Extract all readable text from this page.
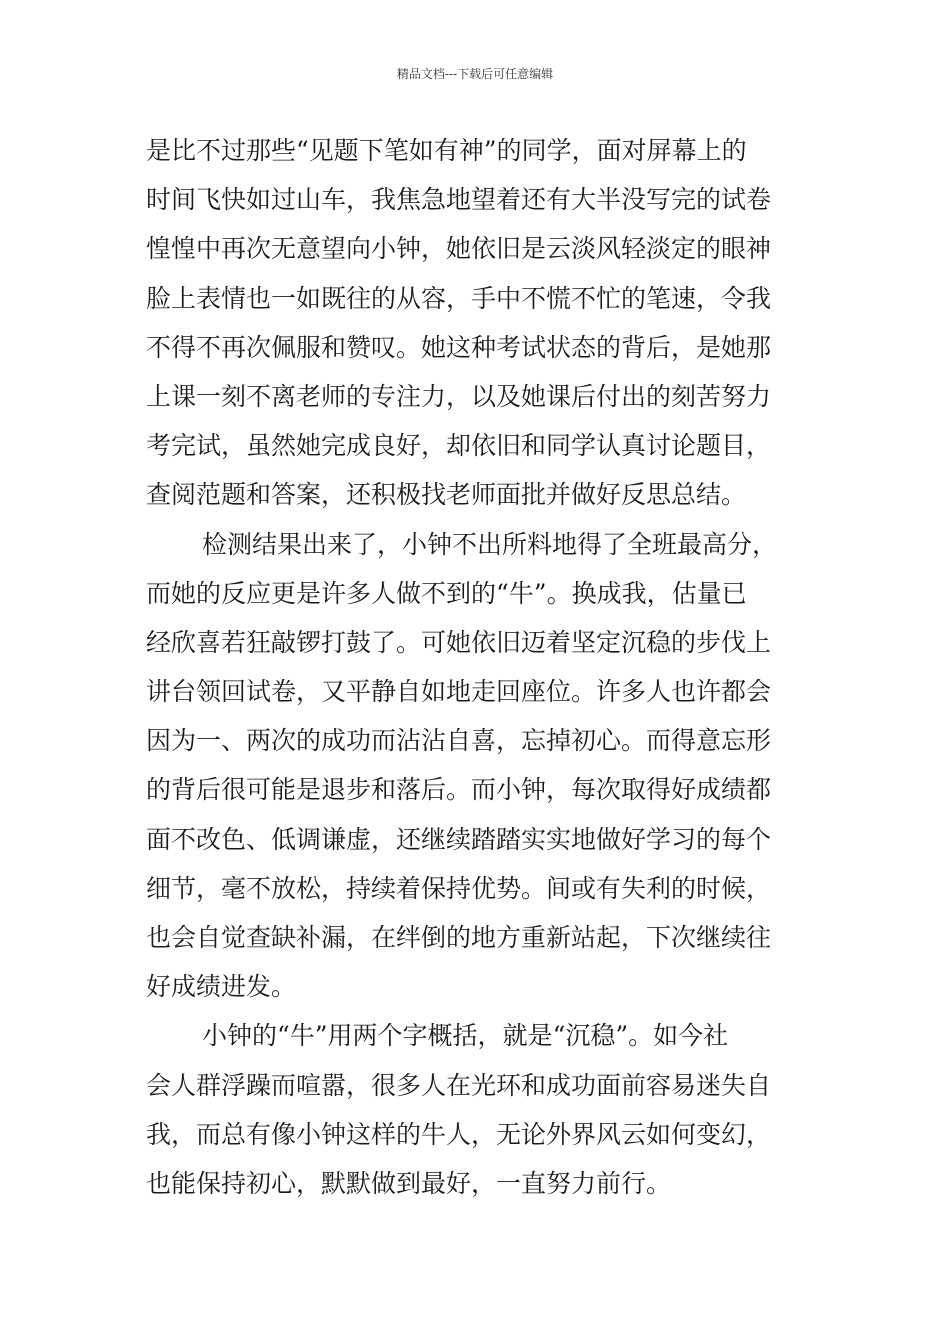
精品文档---下载后可任意编辑
是比不过那些“见题下笔如有神”的同学，面对屏幕上的
时间飞快如过山车，我焦急地望着还有大半没写完的试卷
惶惶中再次无意望向小钟，她依旧是云淡风轻淡定的眼神
脸上表情也一如既往的从容，手中不慌不忙的笔速，令我
不得不再次佩服和赞叹。她这种考试状态的背后，是她那
上课一刻不离老师的专注力，以及她课后付出的刻苦努力
考完试，虽然她完成良好，却依旧和同学认真讨论题目，
查阅范题和答案，还积极找老师面批并做好反思总结。
检测结果出来了，小钟不出所料地得了全班最高分，
而她的反应更是许多人做不到的“牛”。换成我，估量已
经欣喜若狂敲锣打鼓了。可她依旧迈着坚定沉稳的步伐上
讲台领回试卷，又平静自如地走回座位。许多人也许都会
因为一、两次的成功而沾沾自喜，忘掉初心。而得意忘形
的背后很可能是退步和落后。而小钟，每次取得好成绩都
面不改色、低调谦虚，还继续踏踏实实地做好学习的每个
细节，毫不放松，持续着保持优势。间或有失利的时候，
也会自觉查缺补漏，在绊倒的地方重新站起，下次继续往
好成绩进发。
小钟的“牛”用两个字概括，就是“沉稳”。如今社
会人群浮躁而喧嚣，很多人在光环和成功面前容易迷失自
我，而总有像小钟这样的牛人，无论外界风云如何变幻，
也能保持初心，默默做到最好，一直努力前行。
